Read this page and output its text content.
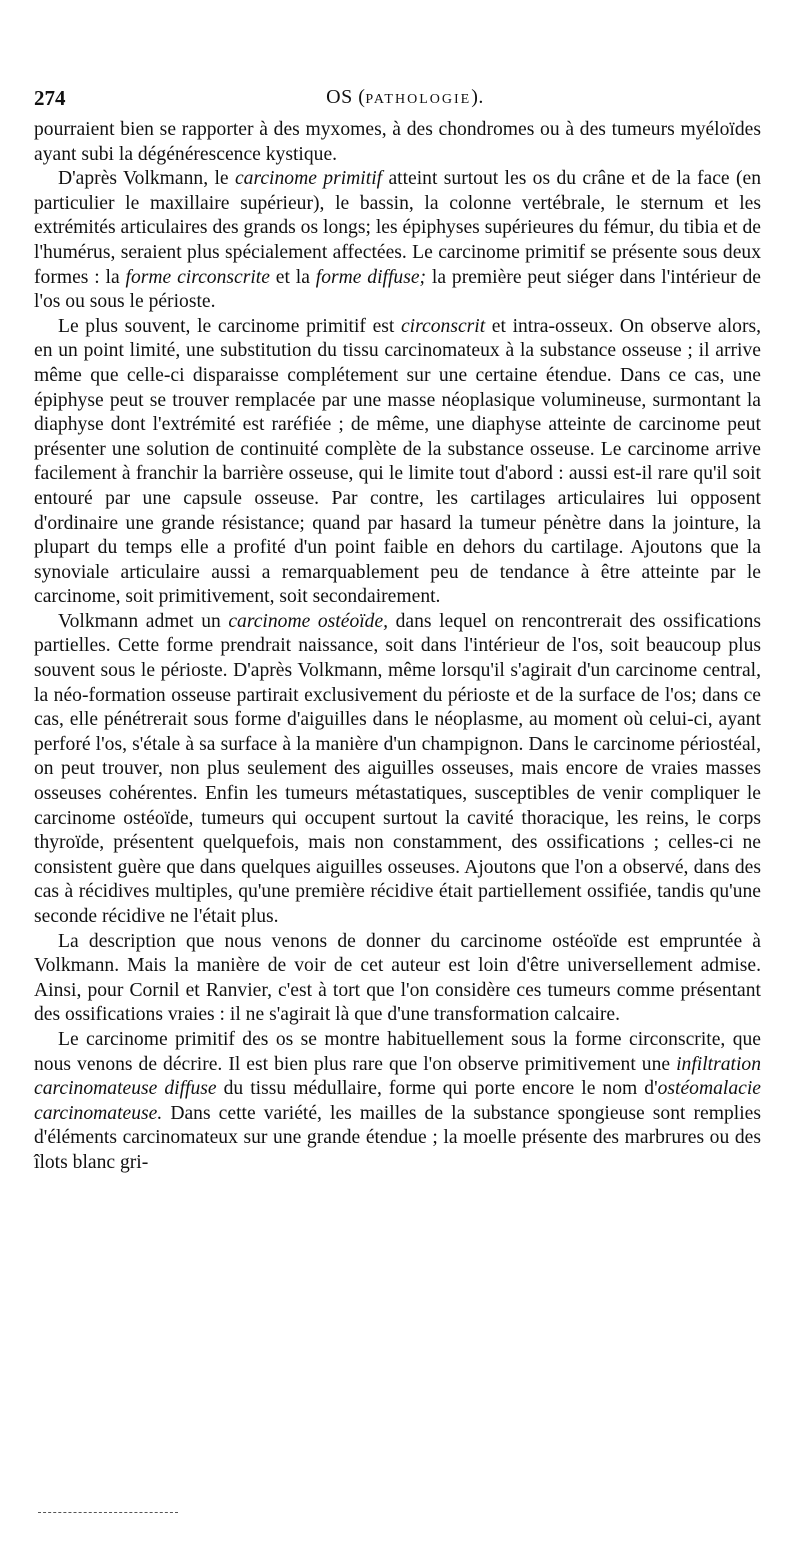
274	OS (PATHOLOGIE).

pourraient bien se rapporter à des myxomes, à des chondromes ou à des tumeurs myéloïdes ayant subi la dégénérescence kystique.

D'après Volkmann, le carcinome primitif atteint surtout les os du crâne et de la face (en particulier le maxillaire supérieur), le bassin, la colonne vertébrale, le sternum et les extrémités articulaires des grands os longs; les épiphyses supérieures du fémur, du tibia et de l'humérus, seraient plus spécialement affectées. Le carcinome primitif se présente sous deux formes : la forme circonscrite et la forme diffuse; la première peut siéger dans l'intérieur de l'os ou sous le périoste.

Le plus souvent, le carcinome primitif est circonscrit et intra-osseux. On observe alors, en un point limité, une substitution du tissu carcinomateux à la substance osseuse ; il arrive même que celle-ci disparaisse complétement sur une certaine étendue. Dans ce cas, une épiphyse peut se trouver remplacée par une masse néoplasique volumineuse, surmontant la diaphyse dont l'extrémité est raréfiée ; de même, une diaphyse atteinte de carcinome peut présenter une solution de continuité complète de la substance osseuse. Le carcinome arrive facilement à franchir la barrière osseuse, qui le limite tout d'abord : aussi est-il rare qu'il soit entouré par une capsule osseuse. Par contre, les cartilages articulaires lui opposent d'ordinaire une grande résistance; quand par hasard la tumeur pénètre dans la jointure, la plupart du temps elle a profité d'un point faible en dehors du cartilage. Ajoutons que la synoviale articulaire aussi a remarquablement peu de tendance à être atteinte par le carcinome, soit primitivement, soit secondairement.

Volkmann admet un carcinome ostéoïde, dans lequel on rencontrerait des ossifications partielles. Cette forme prendrait naissance, soit dans l'intérieur de l'os, soit beaucoup plus souvent sous le périoste. D'après Volkmann, même lorsqu'il s'agirait d'un carcinome central, la néo-formation osseuse partirait exclusivement du périoste et de la surface de l'os; dans ce cas, elle pénétrerait sous forme d'aiguilles dans le néoplasme, au moment où celui-ci, ayant perforé l'os, s'étale à sa surface à la manière d'un champignon. Dans le carcinome périostéal, on peut trouver, non plus seulement des aiguilles osseuses, mais encore de vraies masses osseuses cohérentes. Enfin les tumeurs métastatiques, susceptibles de venir compliquer le carcinome ostéoïde, tumeurs qui occupent surtout la cavité thoracique, les reins, le corps thyroïde, présentent quelquefois, mais non constamment, des ossifications ; celles-ci ne consistent guère que dans quelques aiguilles osseuses. Ajoutons que l'on a observé, dans des cas à récidives multiples, qu'une première récidive était partiellement ossifiée, tandis qu'une seconde récidive ne l'était plus.

La description que nous venons de donner du carcinome ostéoïde est empruntée à Volkmann. Mais la manière de voir de cet auteur est loin d'être universellement admise. Ainsi, pour Cornil et Ranvier, c'est à tort que l'on considère ces tumeurs comme présentant des ossifications vraies : il ne s'agirait là que d'une transformation calcaire.

Le carcinome primitif des os se montre habituellement sous la forme circonscrite, que nous venons de décrire. Il est bien plus rare que l'on observe primitivement une infiltration carcinomateuse diffuse du tissu médullaire, forme qui porte encore le nom d'ostéomalacie carcinomateuse. Dans cette variété, les mailles de la substance spongieuse sont remplies d'éléments carcinomateux sur une grande étendue ; la moelle présente des marbrures ou des îlots blanc gri-
